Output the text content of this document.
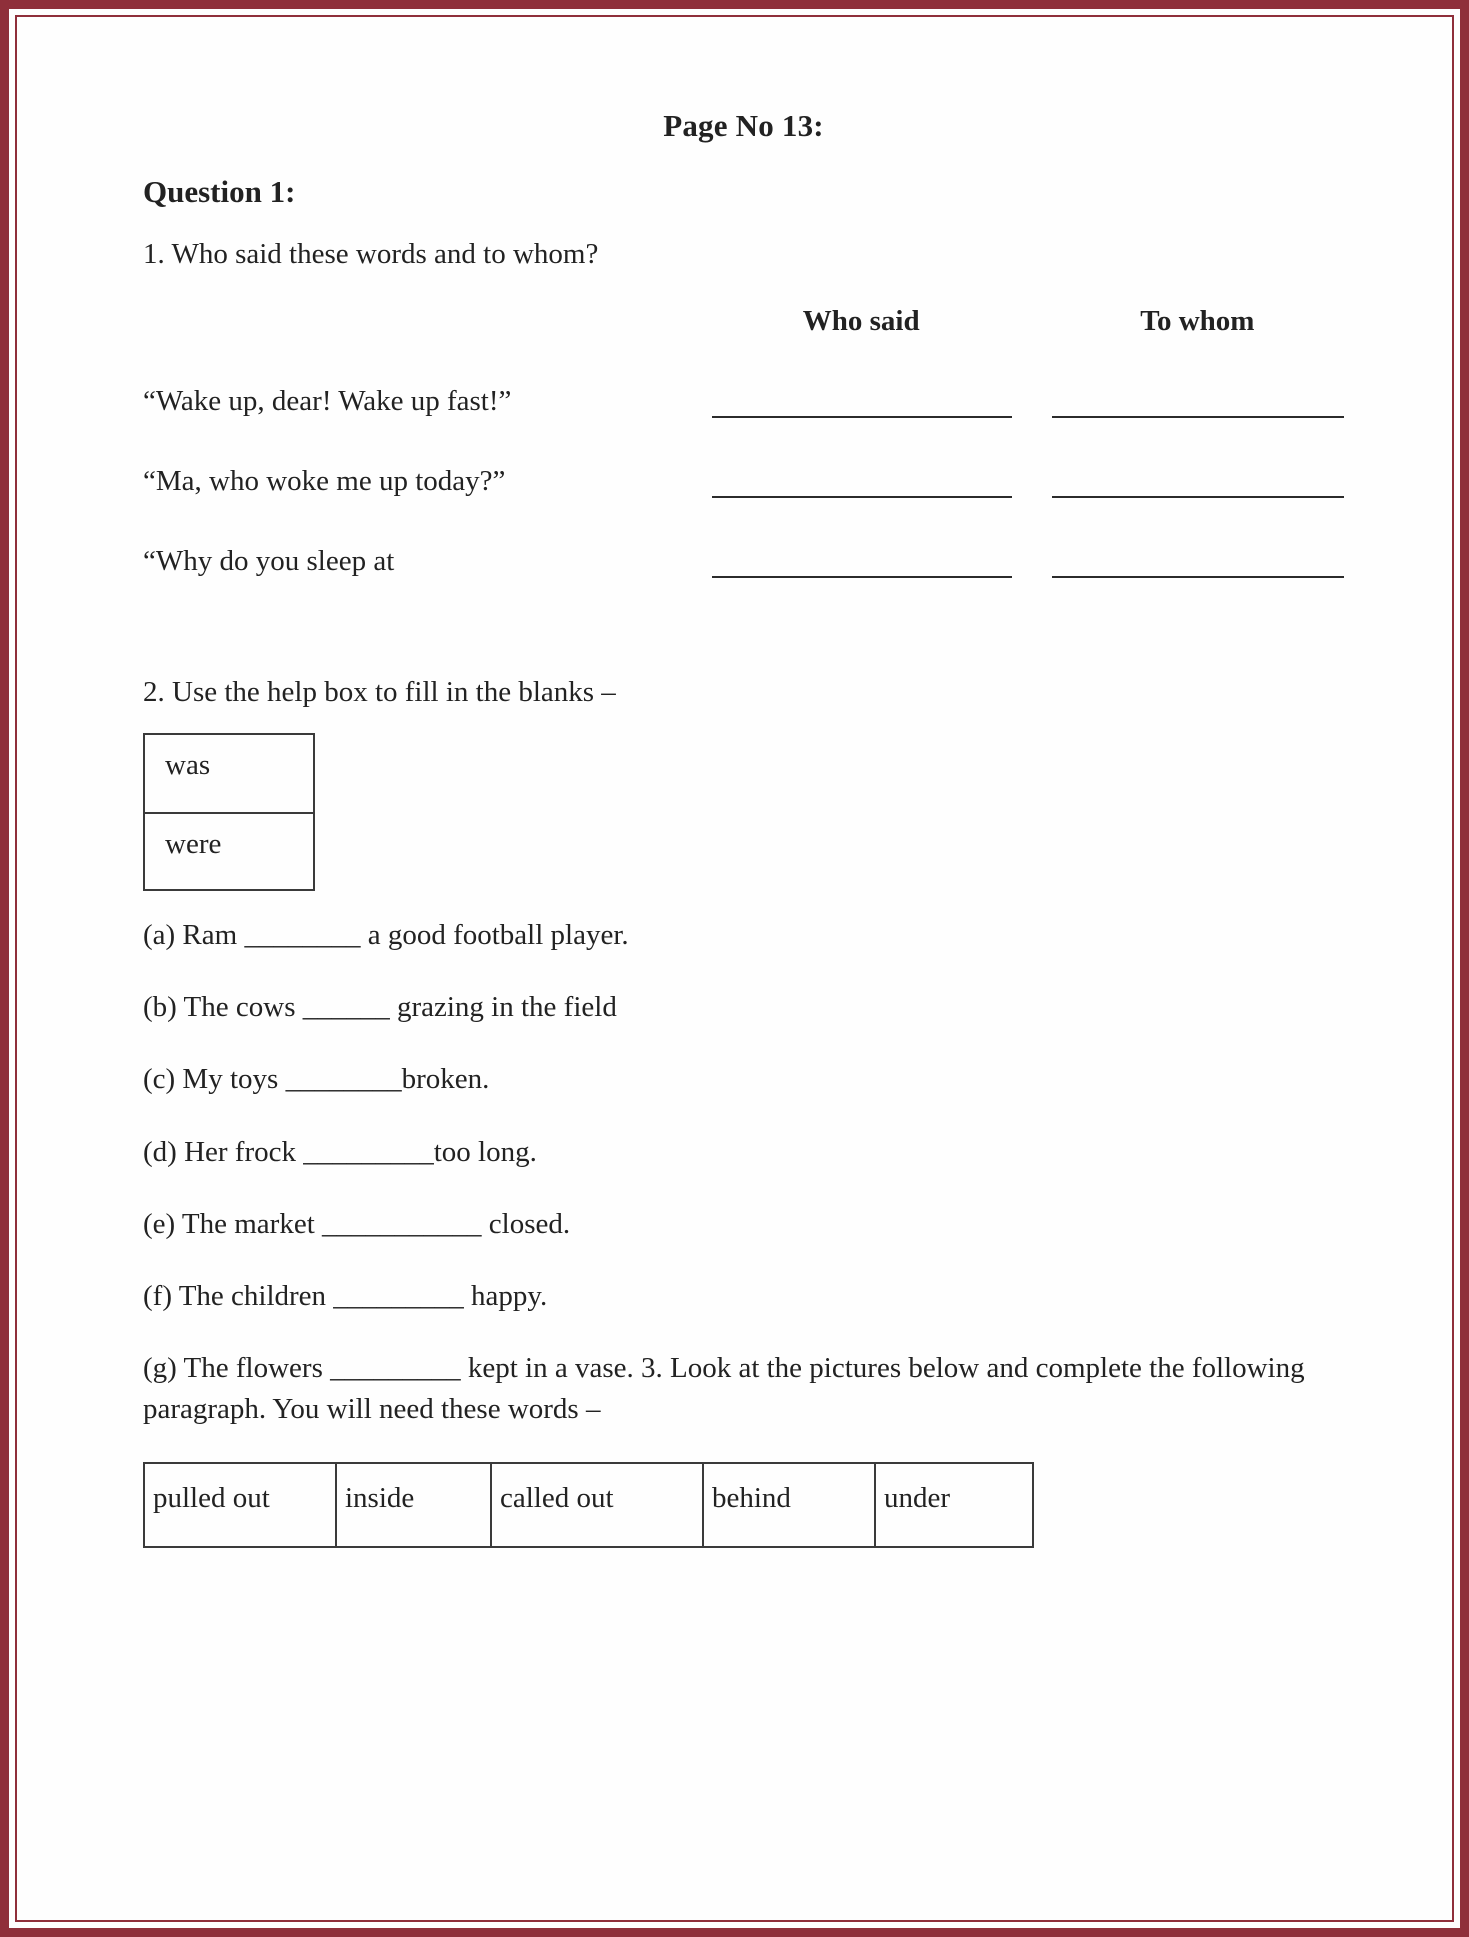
Page No 13:
Question 1:

1. Who said these words and to whom?

Who said	To whom
“Wake up, dear! Wake up fast!”
“Ma, who woke me up today?”
“Why do you sleep at

2. Use the help box to fill in the blanks –

was
were

(a) Ram ________ a good football player.

(b) The cows ______ grazing in the field

(c) My toys ________broken.

(d) Her frock _________too long.

(e) The market ___________ closed.

(f) The children _________ happy.

(g) The flowers _________ kept in a vase. 3. Look at the pictures below and complete the following paragraph. You will need these words –

pulled out	inside	called out	behind	under
